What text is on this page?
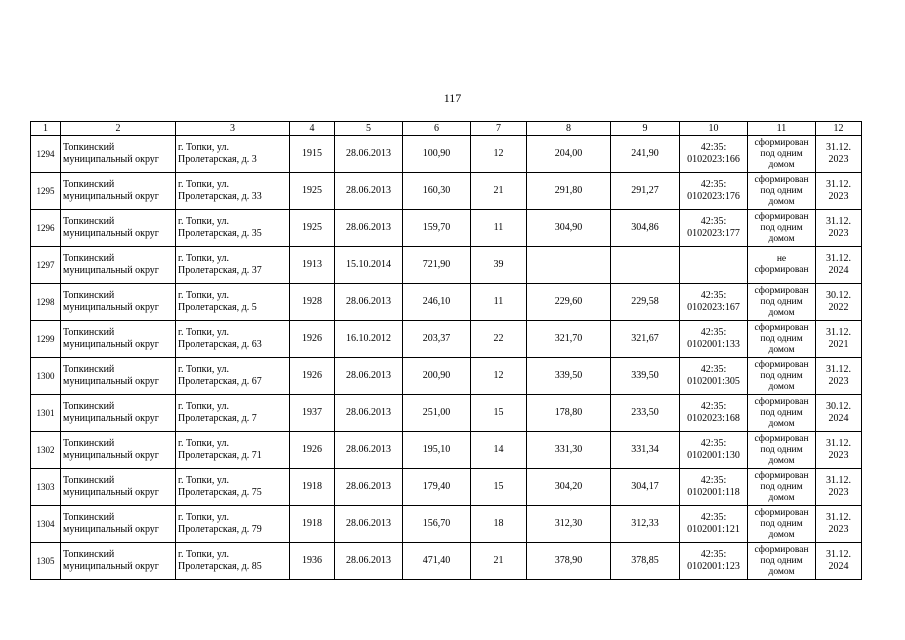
117
1	2	3	4	5	6	7	8	9	10	11	12
1294	Топкинский муниципальный округ	г. Топки, ул. Пролетарская, д. 3	1915	28.06.2013	100,90	12	204,00	241,90	42:35: 0102023:166	сформирован под одним домом	31.12. 2023
1295	Топкинский муниципальный округ	г. Топки, ул. Пролетарская, д. 33	1925	28.06.2013	160,30	21	291,80	291,27	42:35: 0102023:176	сформирован под одним домом	31.12. 2023
1296	Топкинский муниципальный округ	г. Топки, ул. Пролетарская, д. 35	1925	28.06.2013	159,70	11	304,90	304,86	42:35: 0102023:177	сформирован под одним домом	31.12. 2023
1297	Топкинский муниципальный округ	г. Топки, ул. Пролетарская, д. 37	1913	15.10.2014	721,90	39				не сформирован	31.12. 2024
1298	Топкинский муниципальный округ	г. Топки, ул. Пролетарская, д. 5	1928	28.06.2013	246,10	11	229,60	229,58	42:35: 0102023:167	сформирован под одним домом	30.12. 2022
1299	Топкинский муниципальный округ	г. Топки, ул. Пролетарская, д. 63	1926	16.10.2012	203,37	22	321,70	321,67	42:35: 0102001:133	сформирован под одним домом	31.12. 2021
1300	Топкинский муниципальный округ	г. Топки, ул. Пролетарская, д. 67	1926	28.06.2013	200,90	12	339,50	339,50	42:35: 0102001:305	сформирован под одним домом	31.12. 2023
1301	Топкинский муниципальный округ	г. Топки, ул. Пролетарская, д. 7	1937	28.06.2013	251,00	15	178,80	233,50	42:35: 0102023:168	сформирован под одним домом	30.12. 2024
1302	Топкинский муниципальный округ	г. Топки, ул. Пролетарская, д. 71	1926	28.06.2013	195,10	14	331,30	331,34	42:35: 0102001:130	сформирован под одним домом	31.12. 2023
1303	Топкинский муниципальный округ	г. Топки, ул. Пролетарская, д. 75	1918	28.06.2013	179,40	15	304,20	304,17	42:35: 0102001:118	сформирован под одним домом	31.12. 2023
1304	Топкинский муниципальный округ	г. Топки, ул. Пролетарская, д. 79	1918	28.06.2013	156,70	18	312,30	312,33	42:35: 0102001:121	сформирован под одним домом	31.12. 2023
1305	Топкинский муниципальный округ	г. Топки, ул. Пролетарская, д. 85	1936	28.06.2013	471,40	21	378,90	378,85	42:35: 0102001:123	сформирован под одним домом	31.12. 2024
